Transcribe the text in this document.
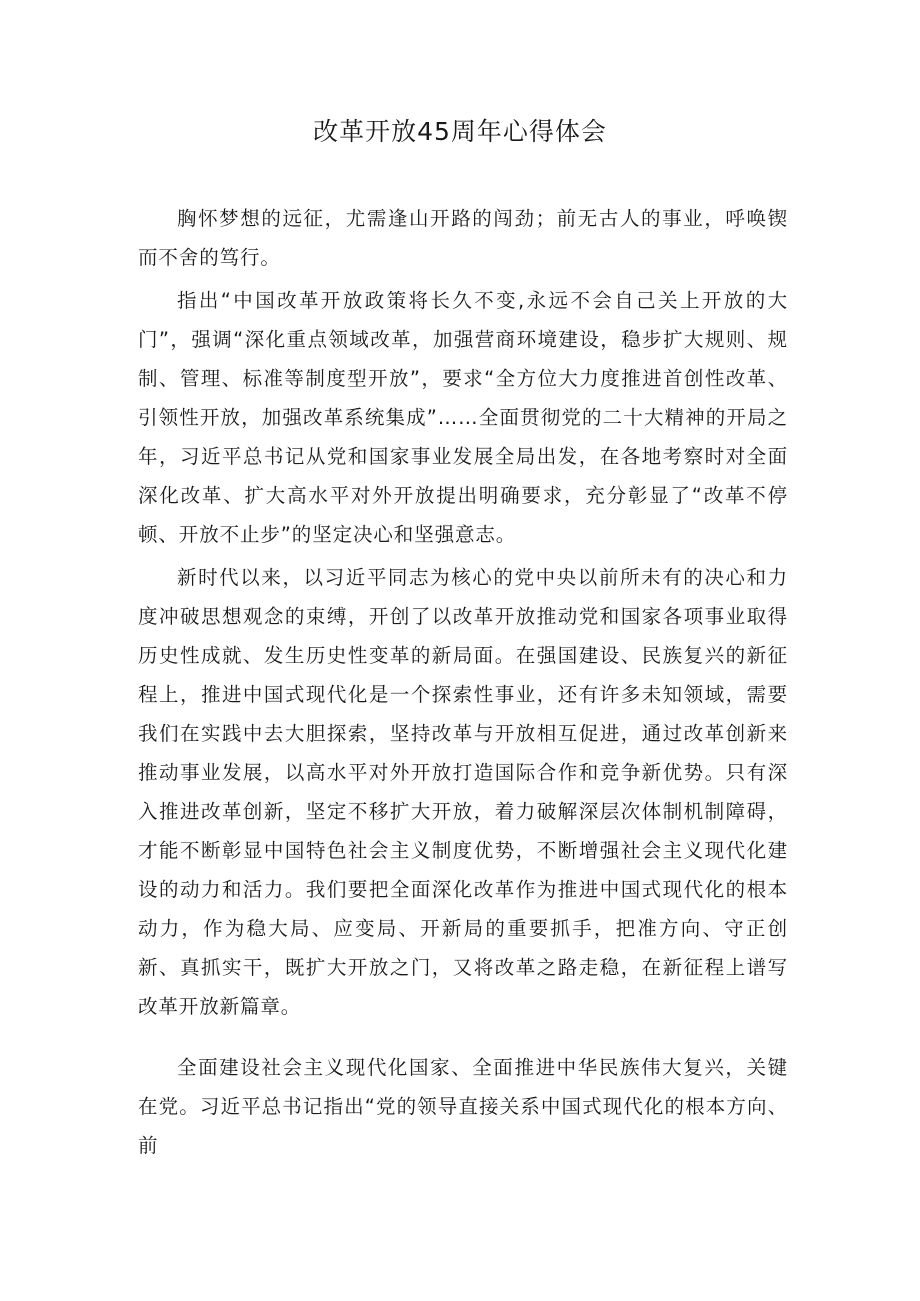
改革开放45周年心得体会

胸怀梦想的远征，尤需逢山开路的闯劲；前无古人的事业，呼唤锲而不舍的笃行。

指出“中国改革开放政策将长久不变,永远不会自己关上开放的大门”，强调“深化重点领域改革，加强营商环境建设，稳步扩大规则、规制、管理、标准等制度型开放”，要求“全方位大力度推进首创性改革、引领性开放，加强改革系统集成”……全面贯彻党的二十大精神的开局之年，习近平总书记从党和国家事业发展全局出发，在各地考察时对全面深化改革、扩大高水平对外开放提出明确要求，充分彰显了“改革不停顿、开放不止步”的坚定决心和坚强意志。

新时代以来，以习近平同志为核心的党中央以前所未有的决心和力度冲破思想观念的束缚，开创了以改革开放推动党和国家各项事业取得历史性成就、发生历史性变革的新局面。在强国建设、民族复兴的新征程上，推进中国式现代化是一个探索性事业，还有许多未知领域，需要我们在实践中去大胆探索，坚持改革与开放相互促进，通过改革创新来推动事业发展，以高水平对外开放打造国际合作和竞争新优势。只有深入推进改革创新，坚定不移扩大开放，着力破解深层次体制机制障碍，才能不断彰显中国特色社会主义制度优势，不断增强社会主义现代化建设的动力和活力。我们要把全面深化改革作为推进中国式现代化的根本动力，作为稳大局、应变局、开新局的重要抓手，把准方向、守正创新、真抓实干，既扩大开放之门，又将改革之路走稳，在新征程上谱写改革开放新篇章。

全面建设社会主义现代化国家、全面推进中华民族伟大复兴，关键在党。习近平总书记指出“党的领导直接关系中国式现代化的根本方向、前
